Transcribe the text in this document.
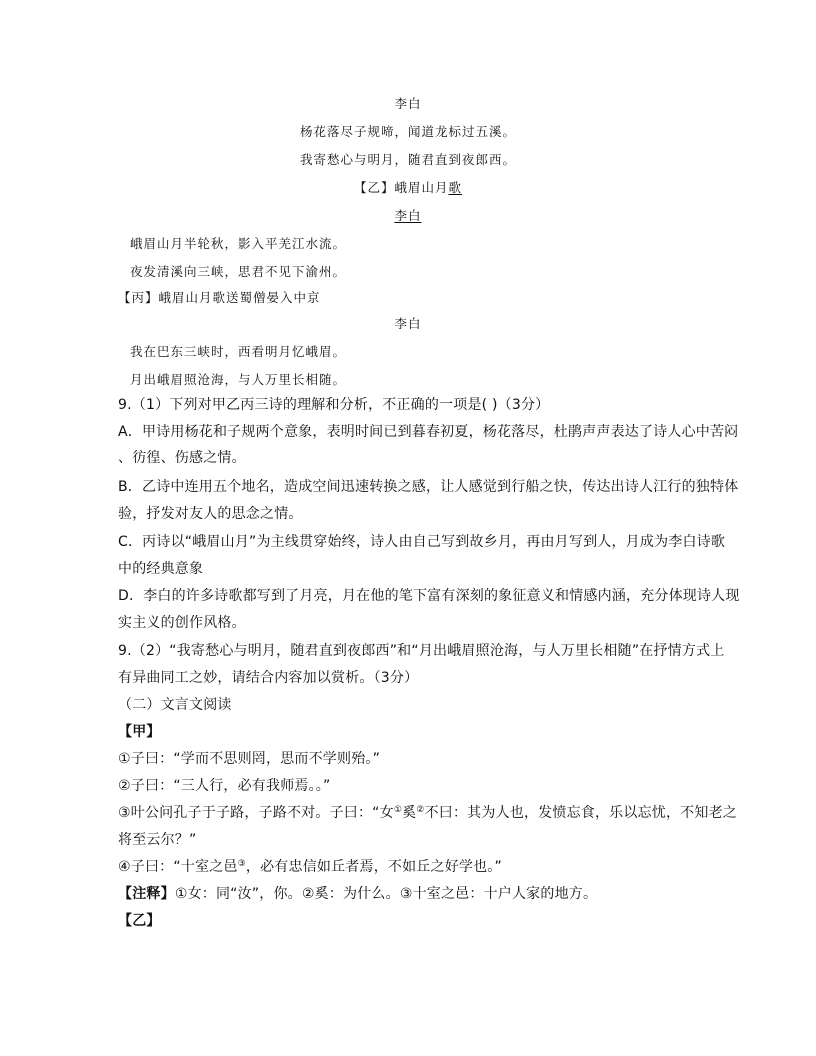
李白
杨花落尽子规啼，闻道龙标过五溪。
我寄愁心与明月，随君直到夜郎西。
【乙】峨眉山月歌
李白
峨眉山月半轮秋，影入平羌江水流。
夜发清溪向三峡，思君不见下渝州。
【丙】峨眉山月歌送蜀僧晏入中京
李白
我在巴东三峡时，西看明月忆峨眉。
月出峨眉照沧海，与人万里长相随。
9.（1）下列对甲乙丙三诗的理解和分析，不正确的一项是( )（3分）
A．甲诗用杨花和子规两个意象，表明时间已到暮春初夏，杨花落尽，杜鹃声声表达了诗人心中苦闷
、彷徨、伤感之情。
B．乙诗中连用五个地名，造成空间迅速转换之感，让人感觉到行船之快，传达出诗人江行的独特体
验，抒发对友人的思念之情。
C．丙诗以“峨眉山月”为主线贯穿始终，诗人由自己写到故乡月，再由月写到人，月成为李白诗歌
中的经典意象
D．李白的许多诗歌都写到了月亮，月在他的笔下富有深刻的象征意义和情感内涵，充分体现诗人现
实主义的创作风格。
9.（2）“我寄愁心与明月，随君直到夜郎西”和“月出峨眉照沧海，与人万里长相随”在抒情方式上
有异曲同工之妙，请结合内容加以赏析。（3分）
（二）文言文阅读
【甲】
①子曰：“学而不思则罔，思而不学则殆。”
②子曰：“三人行，必有我师焉。。”
③叶公问孔子于子路，子路不对。子曰：“女①奚②不曰：其为人也，发愤忘食，乐以忘忧，不知老之
将至云尔？”
④子曰：“十室之邑③，必有忠信如丘者焉，不如丘之好学也。”
【注释】①女：同“汝”，你。②奚：为什么。③十室之邑：十户人家的地方。
【乙】
